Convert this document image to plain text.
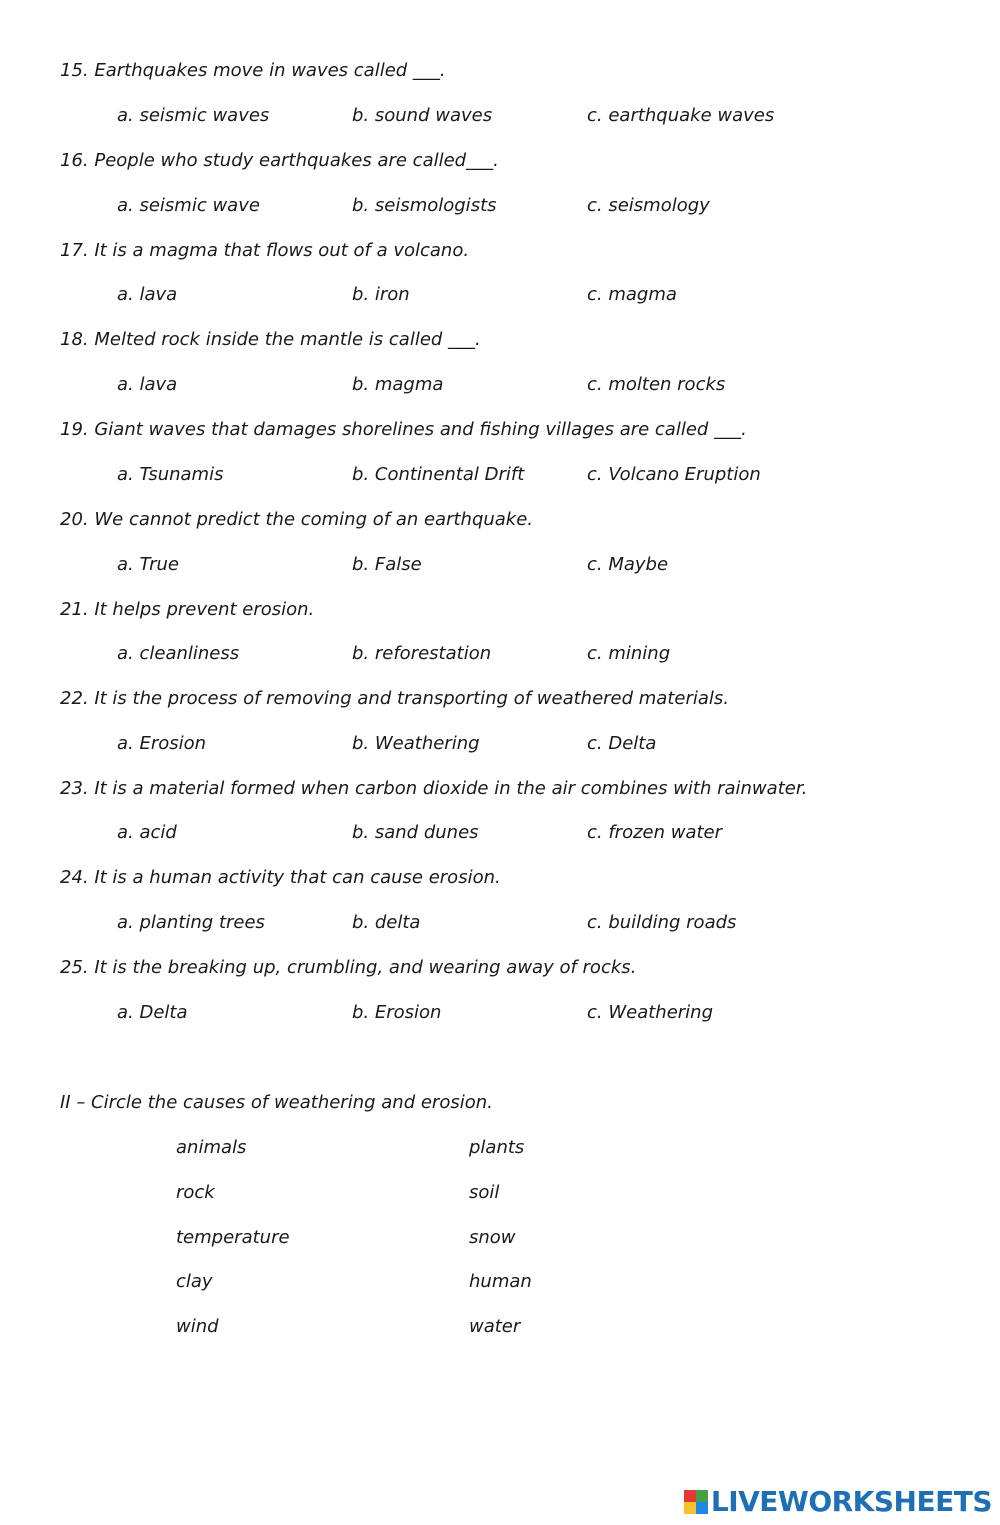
15. Earthquakes move in waves called ___.
a. seismic waves	b. sound waves	c. earthquake waves
16. People who study earthquakes are called___.
a. seismic wave	b. seismologists	c. seismology
17. It is a magma that flows out of a volcano.
a. lava	b. iron	c. magma
18. Melted rock inside the mantle is called ___.
a. lava	b. magma	c. molten rocks
19. Giant waves that damages shorelines and fishing villages are called ___.
a. Tsunamis	b. Continental Drift	c. Volcano Eruption
20. We cannot predict the coming of an earthquake.
a. True	b. False	c. Maybe
21. It helps prevent erosion.
a. cleanliness	b. reforestation	c. mining
22. It is the process of removing and transporting of weathered materials.
a. Erosion	b. Weathering	c. Delta
23. It is a material formed when carbon dioxide in the air combines with rainwater.
a. acid	b. sand dunes	c. frozen water
24. It is a human activity that can cause erosion.
a. planting trees	b. delta	c. building roads
25. It is the breaking up, crumbling, and wearing away of rocks.
a. Delta	b. Erosion	c. Weathering
II – Circle the causes of weathering and erosion.
animals	plants
rock	soil
temperature	snow
clay	human
wind	water
LIVEWORKSHEETS
